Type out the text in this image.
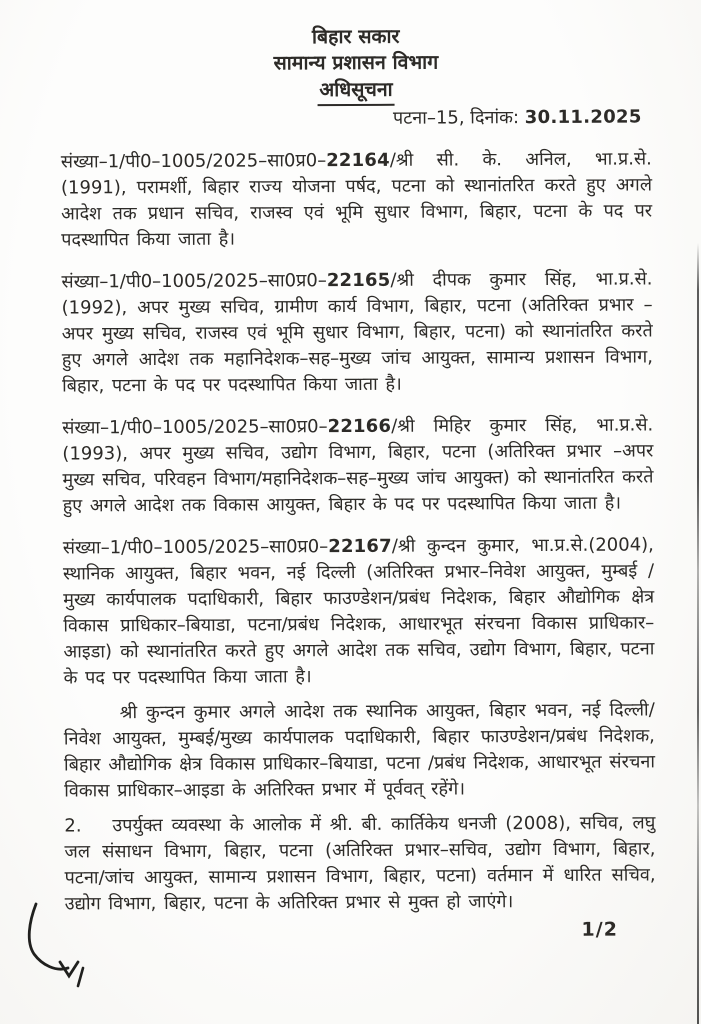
बिहार सकार
सामान्य प्रशासन विभाग
अधिसूचना
पटना–15, दिनांक: 30.11.2025

संख्या–1/पी0–1005/2025–सा0प्र0–22164/श्री सी. के. अनिल, भा.प्र.से.(1991), परामर्शी, बिहार राज्य योजना पर्षद, पटना को स्थानांतरित करते हुए अगले आदेश तक प्रधान सचिव, राजस्व एवं भूमि सुधार विभाग, बिहार, पटना के पद पर पदस्थापित किया जाता है।

संख्या–1/पी0–1005/2025–सा0प्र0–22165/श्री दीपक कुमार सिंह, भा.प्र.से. (1992), अपर मुख्य सचिव, ग्रामीण कार्य विभाग, बिहार, पटना (अतिरिक्त प्रभार –अपर मुख्य सचिव, राजस्व एवं भूमि सुधार विभाग, बिहार, पटना) को स्थानांतरित करते हुए अगले आदेश तक महानिदेशक–सह–मुख्य जांच आयुक्त, सामान्य प्रशासन विभाग, बिहार, पटना के पद पर पदस्थापित किया जाता है।

संख्या–1/पी0–1005/2025–सा0प्र0–22166/श्री मिहिर कुमार सिंह, भा.प्र.से. (1993), अपर मुख्य सचिव, उद्योग विभाग, बिहार, पटना (अतिरिक्त प्रभार –अपर मुख्य सचिव, परिवहन विभाग/महानिदेशक–सह–मुख्य जांच आयुक्त) को स्थानांतरित करते हुए अगले आदेश तक विकास आयुक्त, बिहार के पद पर पदस्थापित किया जाता है।

संख्या–1/पी0–1005/2025–सा0प्र0–22167/श्री कुन्दन कुमार, भा.प्र.से.(2004), स्थानिक आयुक्त, बिहार भवन, नई दिल्ली (अतिरिक्त प्रभार–निवेश आयुक्त, मुम्बई /मुख्य कार्यपालक पदाधिकारी, बिहार फाउण्डेशन/प्रबंध निदेशक, बिहार औद्योगिक क्षेत्र विकास प्राधिकार–बियाडा, पटना/प्रबंध निदेशक, आधारभूत संरचना विकास प्राधिकार–आइडा) को स्थानांतरित करते हुए अगले आदेश तक सचिव, उद्योग विभाग, बिहार, पटना के पद पर पदस्थापित किया जाता है।

श्री कुन्दन कुमार अगले आदेश तक स्थानिक आयुक्त, बिहार भवन, नई दिल्ली/निवेश आयुक्त, मुम्बई/मुख्य कार्यपालक पदाधिकारी, बिहार फाउण्डेशन/प्रबंध निदेशक, बिहार औद्योगिक क्षेत्र विकास प्राधिकार–बियाडा, पटना /प्रबंध निदेशक, आधारभूत संरचना विकास प्राधिकार–आइडा के अतिरिक्त प्रभार में पूर्ववत् रहेंगे।

2. उपर्युक्त व्यवस्था के आलोक में श्री. बी. कार्तिकेय धनजी (2008), सचिव, लघु जल संसाधन विभाग, बिहार, पटना (अतिरिक्त प्रभार–सचिव, उद्योग विभाग, बिहार, पटना/जांच आयुक्त, सामान्य प्रशासन विभाग, बिहार, पटना) वर्तमान में धारित सचिव, उद्योग विभाग, बिहार, पटना के अतिरिक्त प्रभार से मुक्त हो जाएंगे।

1/2
